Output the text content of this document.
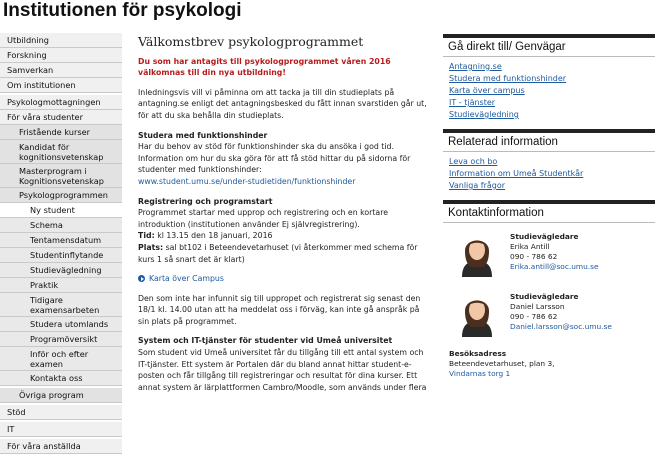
Institutionen för psykologi
Utbildning
Forskning
Samverkan
Om institutionen
Psykologmottagningen
För våra studenter
Fristående kurser
Kandidat för kognitionsvetenskap
Masterprogram i Kognitionsvetenskap
Psykologprogrammen
Ny student
Schema
Tentamensdatum
Studentinflytande
Studievägledning
Praktik
Tidigare examensarbeten
Studera utomlands
Programöversikt
Inför och efter examen
Kontakta oss
Övriga program
Stöd
IT
För våra anställda
Välkomstbrev psykologprogrammet

Du som har antagits till psykologprogrammet våren 2016 välkomnas till din nya utbildning!

Inledningsvis vill vi påminna om att tacka ja till din studieplats på antagning.se enligt det antagningsbesked du fått innan svarstiden går ut, för att du ska behålla din studieplats.

Studera med funktionshinder

Har du behov av stöd för funktionshinder ska du ansöka i god tid. Information om hur du ska göra för att få stöd hittar du på sidorna för studenter med funktionshinder:
www.student.umu.se/under-studietiden/funktionshinder

Registrering och programstart

Programmet startar med upprop och registrering och en kortare introduktion (institutionen använder Ej självregistrering).
Tid: kl 13.15 den 18 januari, 2016
Plats: sal bt102 i Beteendevetarhuset (vi återkommer med schema för kurs 1 så snart det är klart)

Karta över Campus

Den som inte har infunnit sig till uppropet och registrerat sig senast den 18/1 kl. 14.00 utan att ha meddelat oss i förväg, kan inte gå anspråk på sin plats på programmet.

System och IT-tjänster för studenter vid Umeå universitet

Som student vid Umeå universitet får du tillgång till ett antal system och IT-tjänster. Ett system är Portalen där du bland annat hittar student-e-posten och får tillgång till registreringar och resultat för dina kurser. Ett annat system är lärplattformen Cambro/Moodle, som används under flera

Gå direkt till/ Genvägar
Antagning.se
Studera med funktionshinder
Karta över campus
IT - tjänster
Studievägledning
Relaterad information
Leva och bo
Information om Umeå Studentkår
Vanliga frågor
Kontaktinformation
Studievägledare
Erika Antill
090 - 786 62
Erika.antill@soc.umu.se
Studievägledare
Daniel Larsson
090 - 786 62
Daniel.larsson@soc.umu.se
Besöksadress
Beteendevetarhuset, plan 3,
Vindarnas torg 1
